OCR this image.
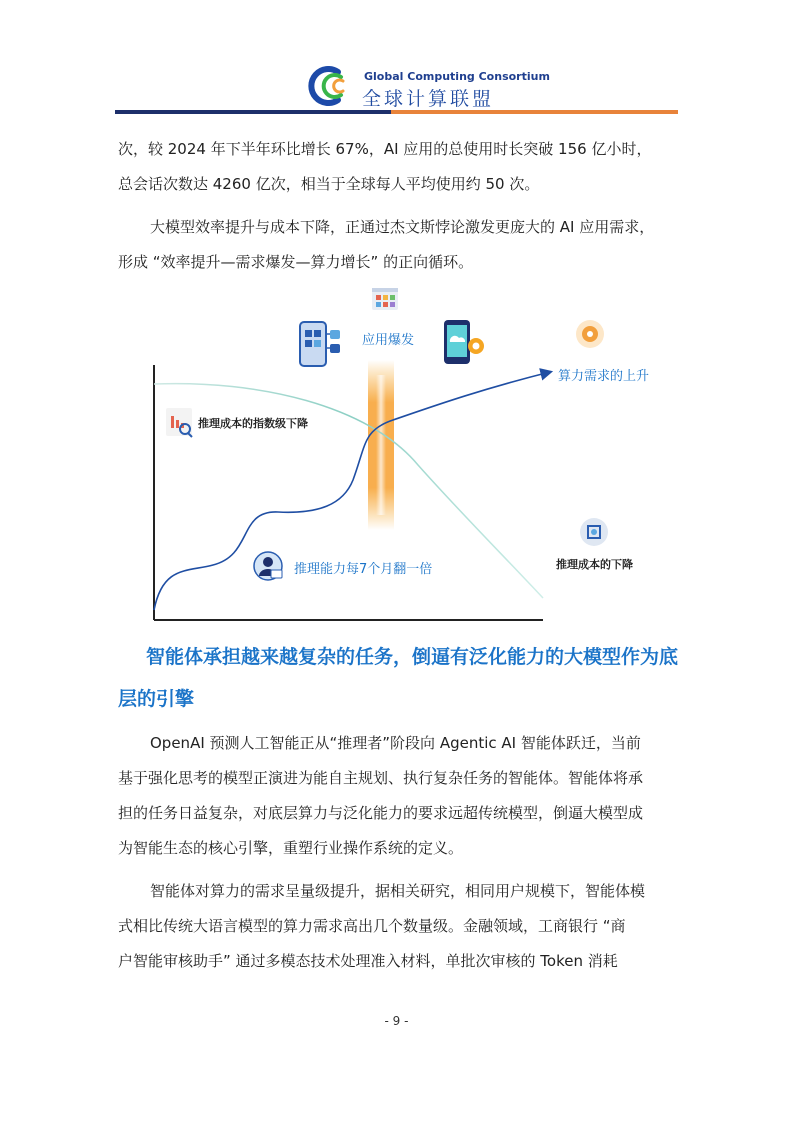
Global Computing Consortium
全球计算联盟
次，较 2024 年下半年环比增长 67%，AI 应用的总使用时长突破 156 亿小时，
总会话次数达 4260 亿次，相当于全球每人平均使用约 50 次。
大模型效率提升与成本下降，正通过杰文斯悖论激发更庞大的 AI 应用需求，
形成 “效率提升—需求爆发—算力增长” 的正向循环。
应用爆发
算力需求的上升
推理成本的指数级下降
推理成本的下降
推理能力每7个月翻一倍
智能体承担越来越复杂的任务，倒逼有泛化能力的大模型作为底
层的引擎
OpenAI 预测人工智能正从“推理者”阶段向 Agentic AI 智能体跃迁，当前
基于强化思考的模型正演进为能自主规划、执行复杂任务的智能体。智能体将承
担的任务日益复杂，对底层算力与泛化能力的要求远超传统模型，倒逼大模型成
为智能生态的核心引擎，重塑行业操作系统的定义。
智能体对算力的需求呈量级提升，据相关研究，相同用户规模下，智能体模
式相比传统大语言模型的算力需求高出几个数量级。金融领域，工商银行 “商
户智能审核助手” 通过多模态技术处理准入材料，单批次审核的 Token 消耗
- 9 -
